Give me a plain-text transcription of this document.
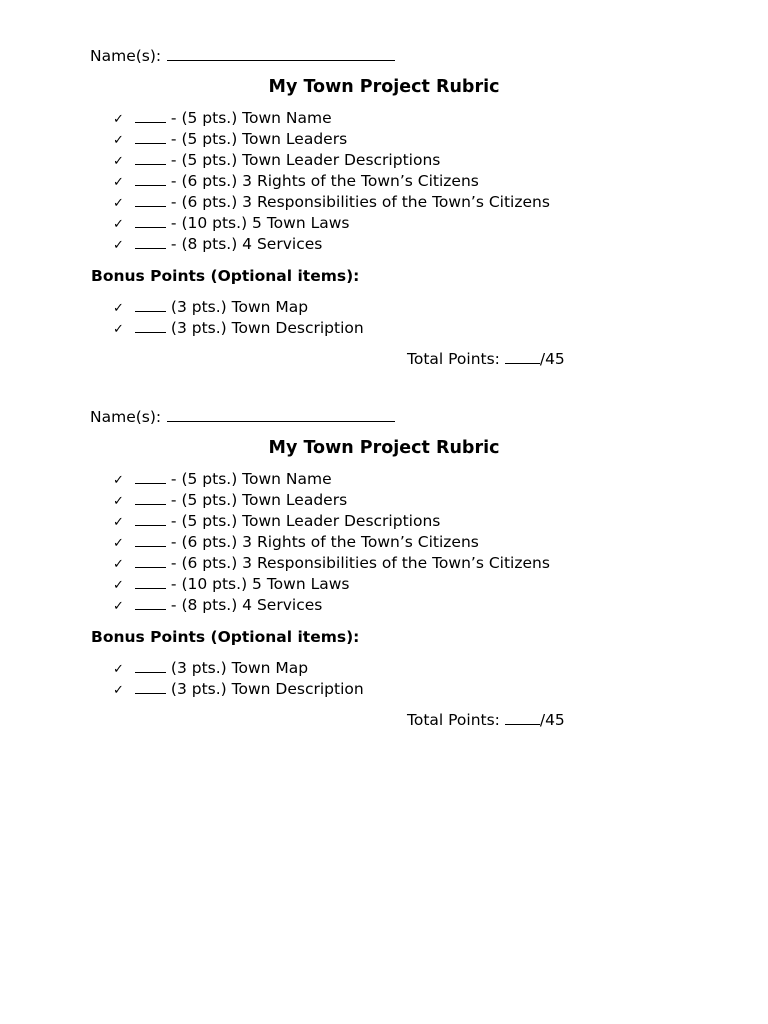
Name(s):
My Town Project Rubric
✓	- (5 pts.) Town Name
✓	- (5 pts.) Town Leaders
✓	- (5 pts.) Town Leader Descriptions
✓	- (6 pts.) 3 Rights of the Town’s Citizens
✓	- (6 pts.) 3 Responsibilities of the Town’s Citizens
✓	- (10 pts.) 5 Town Laws
✓	- (8 pts.) 4 Services
Bonus Points (Optional items):
✓	(3 pts.) Town Map
✓	(3 pts.) Town Description
Total Points: /45
Name(s):
My Town Project Rubric
✓	- (5 pts.) Town Name
✓	- (5 pts.) Town Leaders
✓	- (5 pts.) Town Leader Descriptions
✓	- (6 pts.) 3 Rights of the Town’s Citizens
✓	- (6 pts.) 3 Responsibilities of the Town’s Citizens
✓	- (10 pts.) 5 Town Laws
✓	- (8 pts.) 4 Services
Bonus Points (Optional items):
✓	(3 pts.) Town Map
✓	(3 pts.) Town Description
Total Points: /45
